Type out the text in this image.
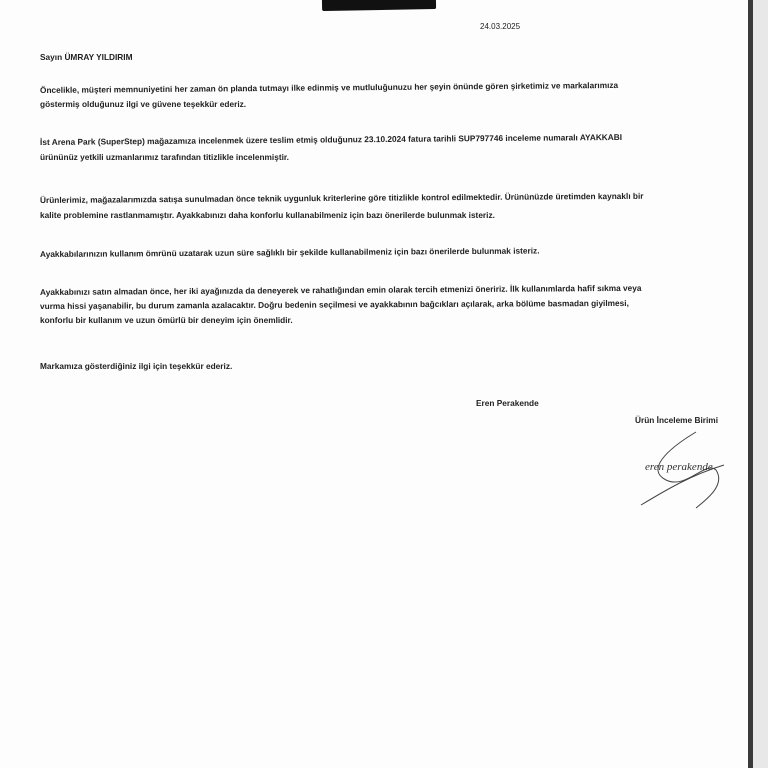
24.03.2025
Sayın ÜMRAY YILDIRIM
Öncelikle, müşteri memnuniyetini her zaman ön planda tutmayı ilke edinmiş ve mutluluğunuzu her şeyin önünde gören şirketimiz ve markalarımıza
göstermiş olduğunuz ilgi ve güvene teşekkür ederiz.
İst Arena Park (SuperStep) mağazamıza incelenmek üzere teslim etmiş olduğunuz 23.10.2024 fatura tarihli SUP797746 inceleme numaralı AYAKKABI
ürününüz yetkili uzmanlarımız tarafından titizlikle incelenmiştir.
Ürünlerimiz, mağazalarımızda satışa sunulmadan önce teknik uygunluk kriterlerine göre titizlikle kontrol edilmektedir. Ürününüzde üretimden kaynaklı bir
kalite problemine rastlanmamıştır. Ayakkabınızı daha konforlu kullanabilmeniz için bazı önerilerde bulunmak isteriz.
Ayakkabılarınızın kullanım ömrünü uzatarak uzun süre sağlıklı bir şekilde kullanabilmeniz için bazı önerilerde bulunmak isteriz.
Ayakkabınızı satın almadan önce, her iki ayağınızda da deneyerek ve rahatlığından emin olarak tercih etmenizi öneririz. İlk kullanımlarda hafif sıkma veya
vurma hissi yaşanabilir, bu durum zamanla azalacaktır. Doğru bedenin seçilmesi ve ayakkabının bağcıkları açılarak, arka bölüme basmadan giyilmesi,
konforlu bir kullanım ve uzun ömürlü bir deneyim için önemlidir.
Markamıza gösterdiğiniz ilgi için teşekkür ederiz.
Eren Perakende
Ürün İnceleme Birimi
eren perakende
